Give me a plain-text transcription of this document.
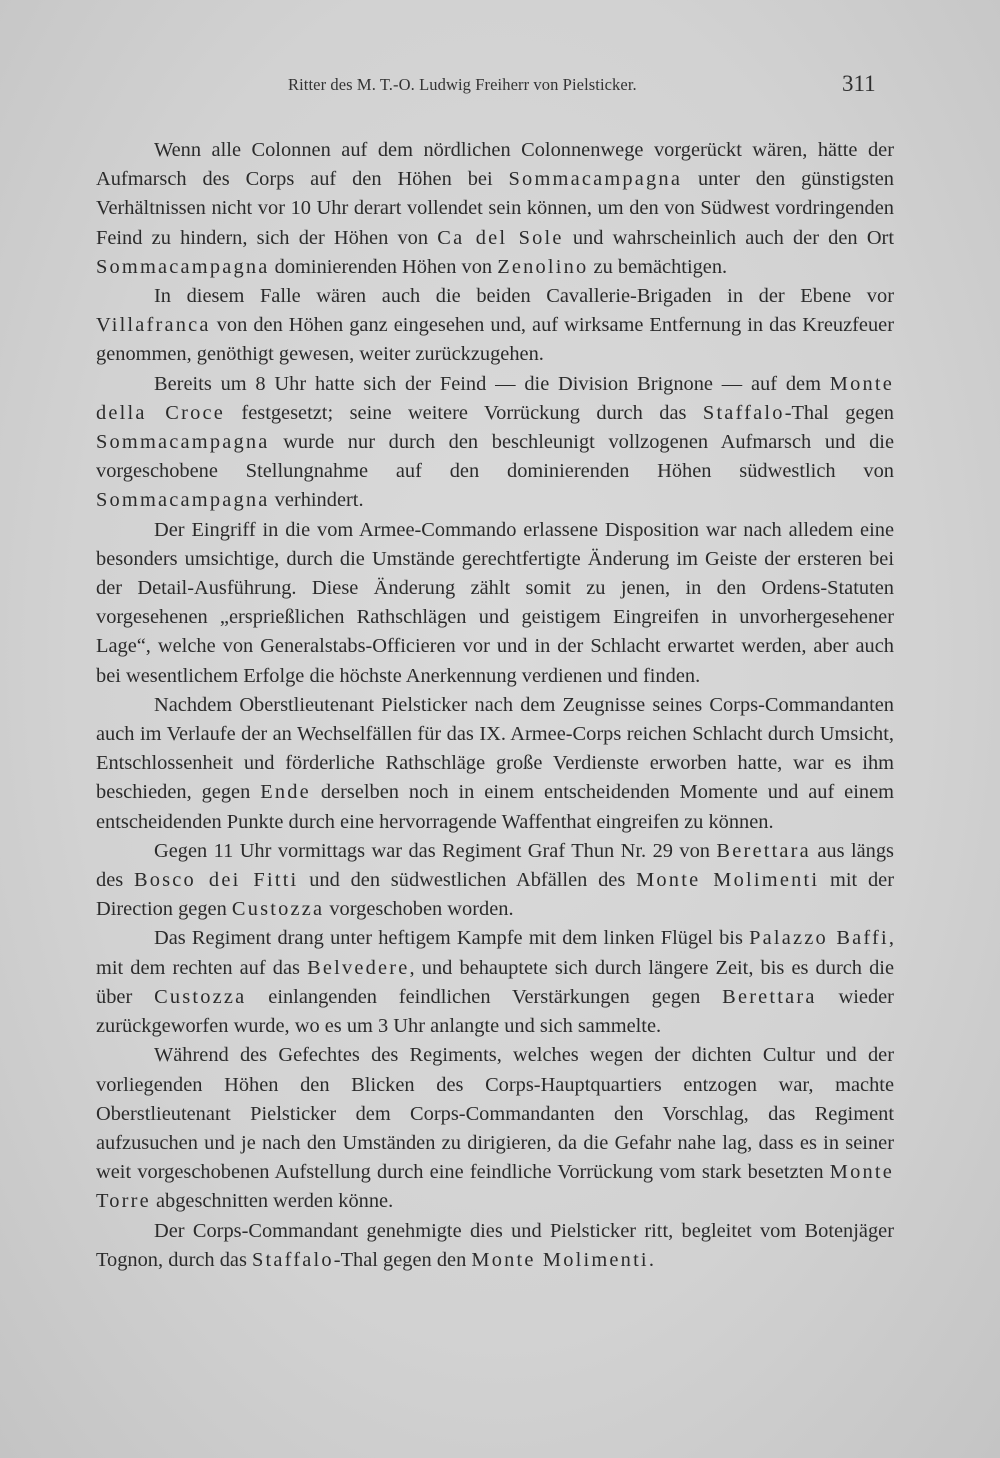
Ritter des M. T.-O. Ludwig Freiherr von Pielsticker.	311

Wenn alle Colonnen auf dem nördlichen Colonnenwege vorgerückt wären, hätte der Aufmarsch des Corps auf den Höhen bei Sommacampagna unter den günstigsten Verhältnissen nicht vor 10 Uhr derart vollendet sein können, um den von Südwest vordringenden Feind zu hindern, sich der Höhen von Ca del Sole und wahrscheinlich auch der den Ort Sommacampagna dominierenden Höhen von Zenolino zu bemächtigen.

In diesem Falle wären auch die beiden Cavallerie-Brigaden in der Ebene vor Villafranca von den Höhen ganz eingesehen und, auf wirksame Entfernung in das Kreuzfeuer genommen, genöthigt gewesen, weiter zurückzugehen.

Bereits um 8 Uhr hatte sich der Feind — die Division Brignone — auf dem Monte della Croce festgesetzt; seine weitere Vorrückung durch das Staffalo-Thal gegen Sommacampagna wurde nur durch den beschleunigt vollzogenen Aufmarsch und die vorgeschobene Stellungnahme auf den dominierenden Höhen südwestlich von Sommacampagna verhindert.

Der Eingriff in die vom Armee-Commando erlassene Disposition war nach alledem eine besonders umsichtige, durch die Umstände gerechtfertigte Änderung im Geiste der ersteren bei der Detail-Ausführung. Diese Änderung zählt somit zu jenen, in den Ordens-Statuten vorgesehenen „ersprießlichen Rathschlägen und geistigem Eingreifen in unvorhergesehener Lage“, welche von Generalstabs-Officieren vor und in der Schlacht erwartet werden, aber auch bei wesentlichem Erfolge die höchste Anerkennung verdienen und finden.

Nachdem Oberstlieutenant Pielsticker nach dem Zeugnisse seines Corps-Commandanten auch im Verlaufe der an Wechselfällen für das IX. Armee-Corps reichen Schlacht durch Umsicht, Entschlossenheit und förderliche Rathschläge große Verdienste erworben hatte, war es ihm beschieden, gegen Ende derselben noch in einem entscheidenden Momente und auf einem entscheidenden Punkte durch eine hervorragende Waffenthat eingreifen zu können.

Gegen 11 Uhr vormittags war das Regiment Graf Thun Nr. 29 von Berettara aus längs des Bosco dei Fitti und den südwestlichen Abfällen des Monte Molimenti mit der Direction gegen Custozza vorgeschoben worden.

Das Regiment drang unter heftigem Kampfe mit dem linken Flügel bis Palazzo Baffi, mit dem rechten auf das Belvedere, und behauptete sich durch längere Zeit, bis es durch die über Custozza einlangenden feindlichen Verstärkungen gegen Berettara wieder zurückgeworfen wurde, wo es um 3 Uhr anlangte und sich sammelte.

Während des Gefechtes des Regiments, welches wegen der dichten Cultur und der vorliegenden Höhen den Blicken des Corps-Hauptquartiers entzogen war, machte Oberstlieutenant Pielsticker dem Corps-Commandanten den Vorschlag, das Regiment aufzusuchen und je nach den Umständen zu dirigieren, da die Gefahr nahe lag, dass es in seiner weit vorgeschobenen Aufstellung durch eine feindliche Vorrückung vom stark besetzten Monte Torre abgeschnitten werden könne.

Der Corps-Commandant genehmigte dies und Pielsticker ritt, begleitet vom Botenjäger Tognon, durch das Staffalo-Thal gegen den Monte Molimenti.
